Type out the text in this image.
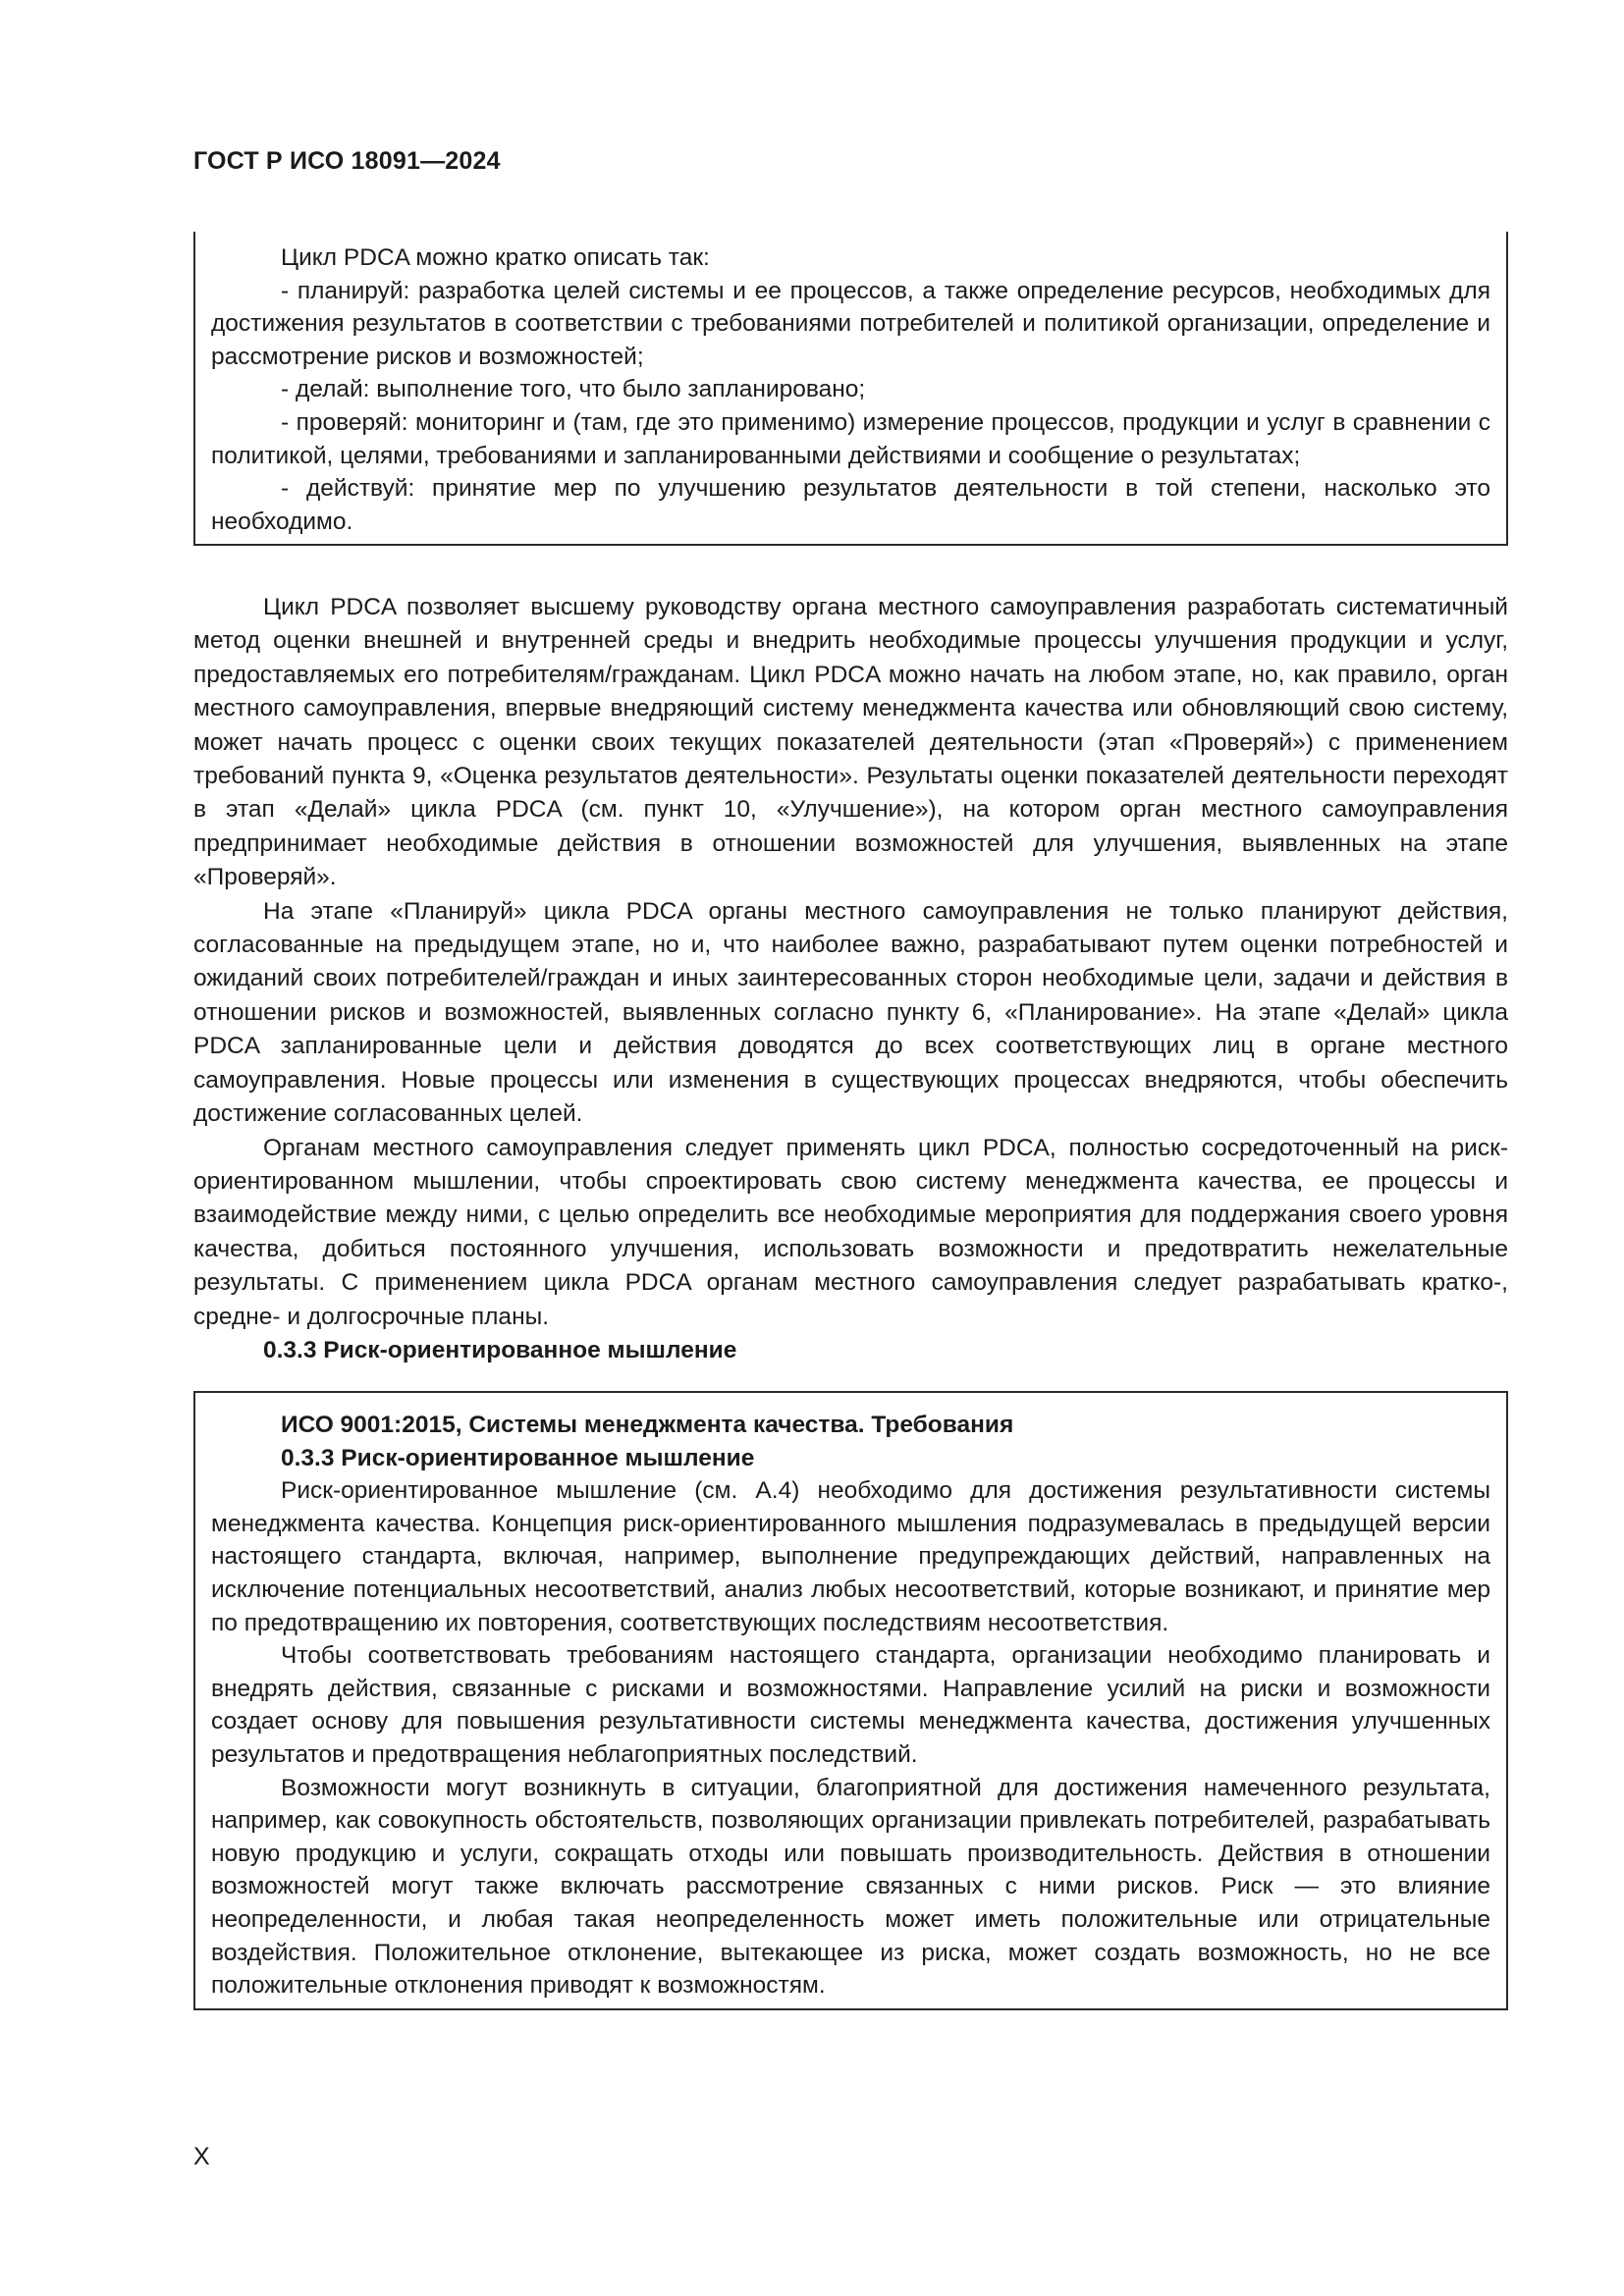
ГОСТ Р ИСО 18091—2024

Цикл PDCA можно кратко описать так:

- планируй: разработка целей системы и ее процессов, а также определение ресурсов, необходимых для достижения результатов в соответствии с требованиями потребителей и политикой организации, определение и рассмотрение рисков и возможностей;

- делай: выполнение того, что было запланировано;

- проверяй: мониторинг и (там, где это применимо) измерение процессов, продукции и услуг в сравнении с политикой, целями, требованиями и запланированными действиями и сообщение о результатах;

- действуй: принятие мер по улучшению результатов деятельности в той степени, насколько это необходимо.

Цикл PDCA позволяет высшему руководству органа местного самоуправления разработать систематичный метод оценки внешней и внутренней среды и внедрить необходимые процессы улучшения продукции и услуг, предоставляемых его потребителям/гражданам. Цикл PDCA можно начать на любом этапе, но, как правило, орган местного самоуправления, впервые внедряющий систему менеджмента качества или обновляющий свою систему, может начать процесс с оценки своих текущих показателей деятельности (этап «Проверяй») с применением требований пункта 9, «Оценка результатов деятельности». Результаты оценки показателей деятельности переходят в этап «Делай» цикла PDCA (см. пункт 10, «Улучшение»), на котором орган местного самоуправления предпринимает необходимые действия в отношении возможностей для улучшения, выявленных на этапе «Проверяй».

На этапе «Планируй» цикла PDCA органы местного самоуправления не только планируют действия, согласованные на предыдущем этапе, но и, что наиболее важно, разрабатывают путем оценки потребностей и ожиданий своих потребителей/граждан и иных заинтересованных сторон необходимые цели, задачи и действия в отношении рисков и возможностей, выявленных согласно пункту 6, «Планирование». На этапе «Делай» цикла PDCA запланированные цели и действия доводятся до всех соответствующих лиц в органе местного самоуправления. Новые процессы или изменения в существующих процессах внедряются, чтобы обеспечить достижение согласованных целей.

Органам местного самоуправления следует применять цикл PDCA, полностью сосредоточенный на риск-ориентированном мышлении, чтобы спроектировать свою систему менеджмента качества, ее процессы и взаимодействие между ними, с целью определить все необходимые мероприятия для поддержания своего уровня качества, добиться постоянного улучшения, использовать возможности и предотвратить нежелательные результаты. С применением цикла PDCA органам местного самоуправления следует разрабатывать кратко-, средне- и долгосрочные планы.

0.3.3 Риск-ориентированное мышление

ИСО 9001:2015, Системы менеджмента качества. Требования

0.3.3 Риск-ориентированное мышление

Риск-ориентированное мышление (см. А.4) необходимо для достижения результативности системы менеджмента качества. Концепция риск-ориентированного мышления подразумевалась в предыдущей версии настоящего стандарта, включая, например, выполнение предупреждающих действий, направленных на исключение потенциальных несоответствий, анализ любых несоответствий, которые возникают, и принятие мер по предотвращению их повторения, соответствующих последствиям несоответствия.

Чтобы соответствовать требованиям настоящего стандарта, организации необходимо планировать и внедрять действия, связанные с рисками и возможностями. Направление усилий на риски и возможности создает основу для повышения результативности системы менеджмента качества, достижения улучшенных результатов и предотвращения неблагоприятных последствий.

Возможности могут возникнуть в ситуации, благоприятной для достижения намеченного результата, например, как совокупность обстоятельств, позволяющих организации привлекать потребителей, разрабатывать новую продукцию и услуги, сокращать отходы или повышать производительность. Действия в отношении возможностей могут также включать рассмотрение связанных с ними рисков. Риск — это влияние неопределенности, и любая такая неопределенность может иметь положительные или отрицательные воздействия. Положительное отклонение, вытекающее из риска, может создать возможность, но не все положительные отклонения приводят к возможностям.

X
